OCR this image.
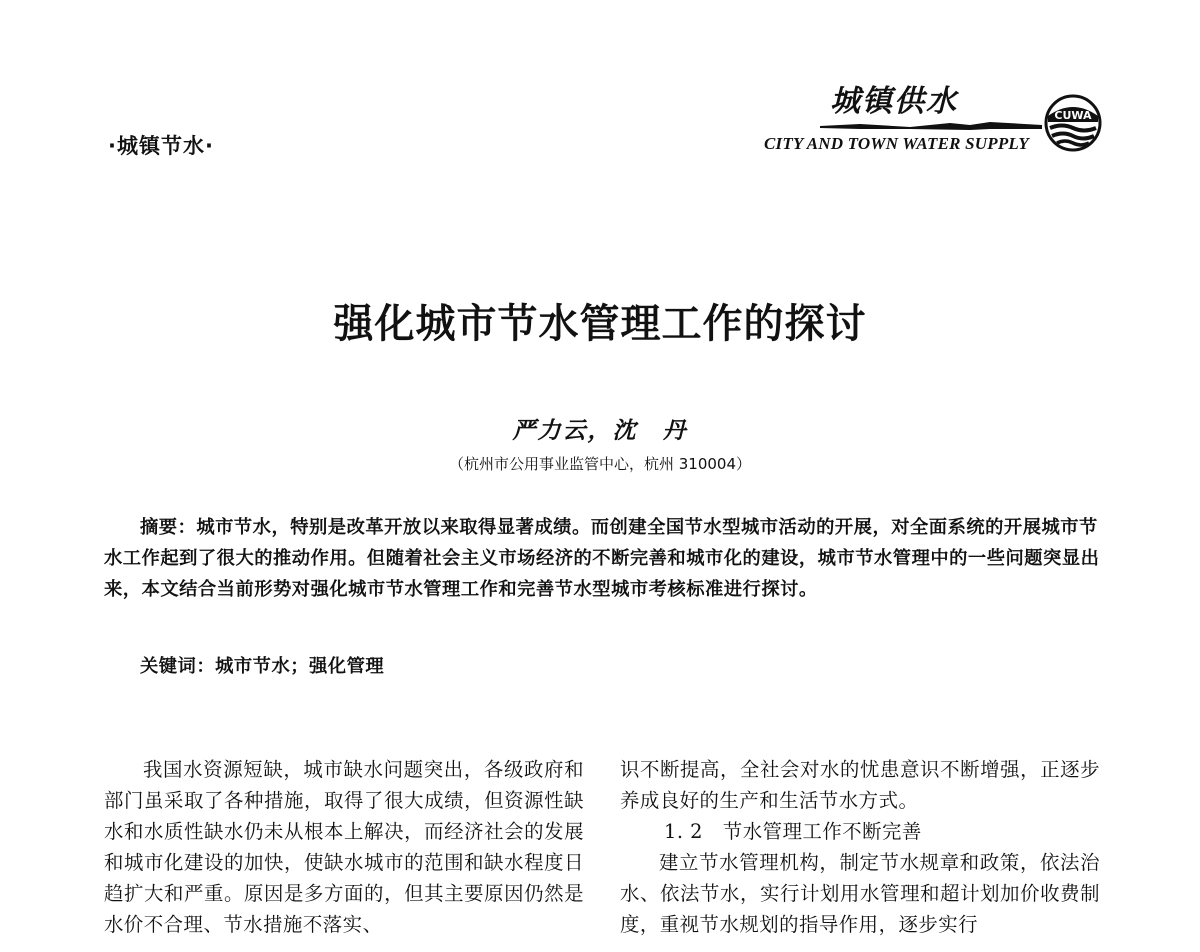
·城镇节水·
城镇供水
CITY AND TOWN WATER SUPPLY
CUWA
强化城市节水管理工作的探讨
严力云，沈　丹
（杭州市公用事业监管中心，杭州 310004）

摘要：城市节水，特别是改革开放以来取得显著成绩。而创建全国节水型城市活动的开展，对全面系统的开展城市节水工作起到了很大的推动作用。但随着社会主义市场经济的不断完善和城市化的建设，城市节水管理中的一些问题突显出来，本文结合当前形势对强化城市节水管理工作和完善节水型城市考核标准进行探讨。

关键词：城市节水；强化管理

我国水资源短缺，城市缺水问题突出，各级政府和部门虽采取了各种措施，取得了很大成绩，但资源性缺水和水质性缺水仍未从根本上解决，而经济社会的发展和城市化建设的加快，使缺水城市的范围和缺水程度日趋扩大和严重。原因是多方面的，但其主要原因仍然是水价不合理、节水措施不落实、

识不断提高，全社会对水的忧患意识不断增强，正逐步养成良好的生产和生活节水方式。

1. 2　节水管理工作不断完善

建立节水管理机构，制定节水规章和政策，依法治水、依法节水，实行计划用水管理和超计划加价收费制度，重视节水规划的指导作用，逐步实行
